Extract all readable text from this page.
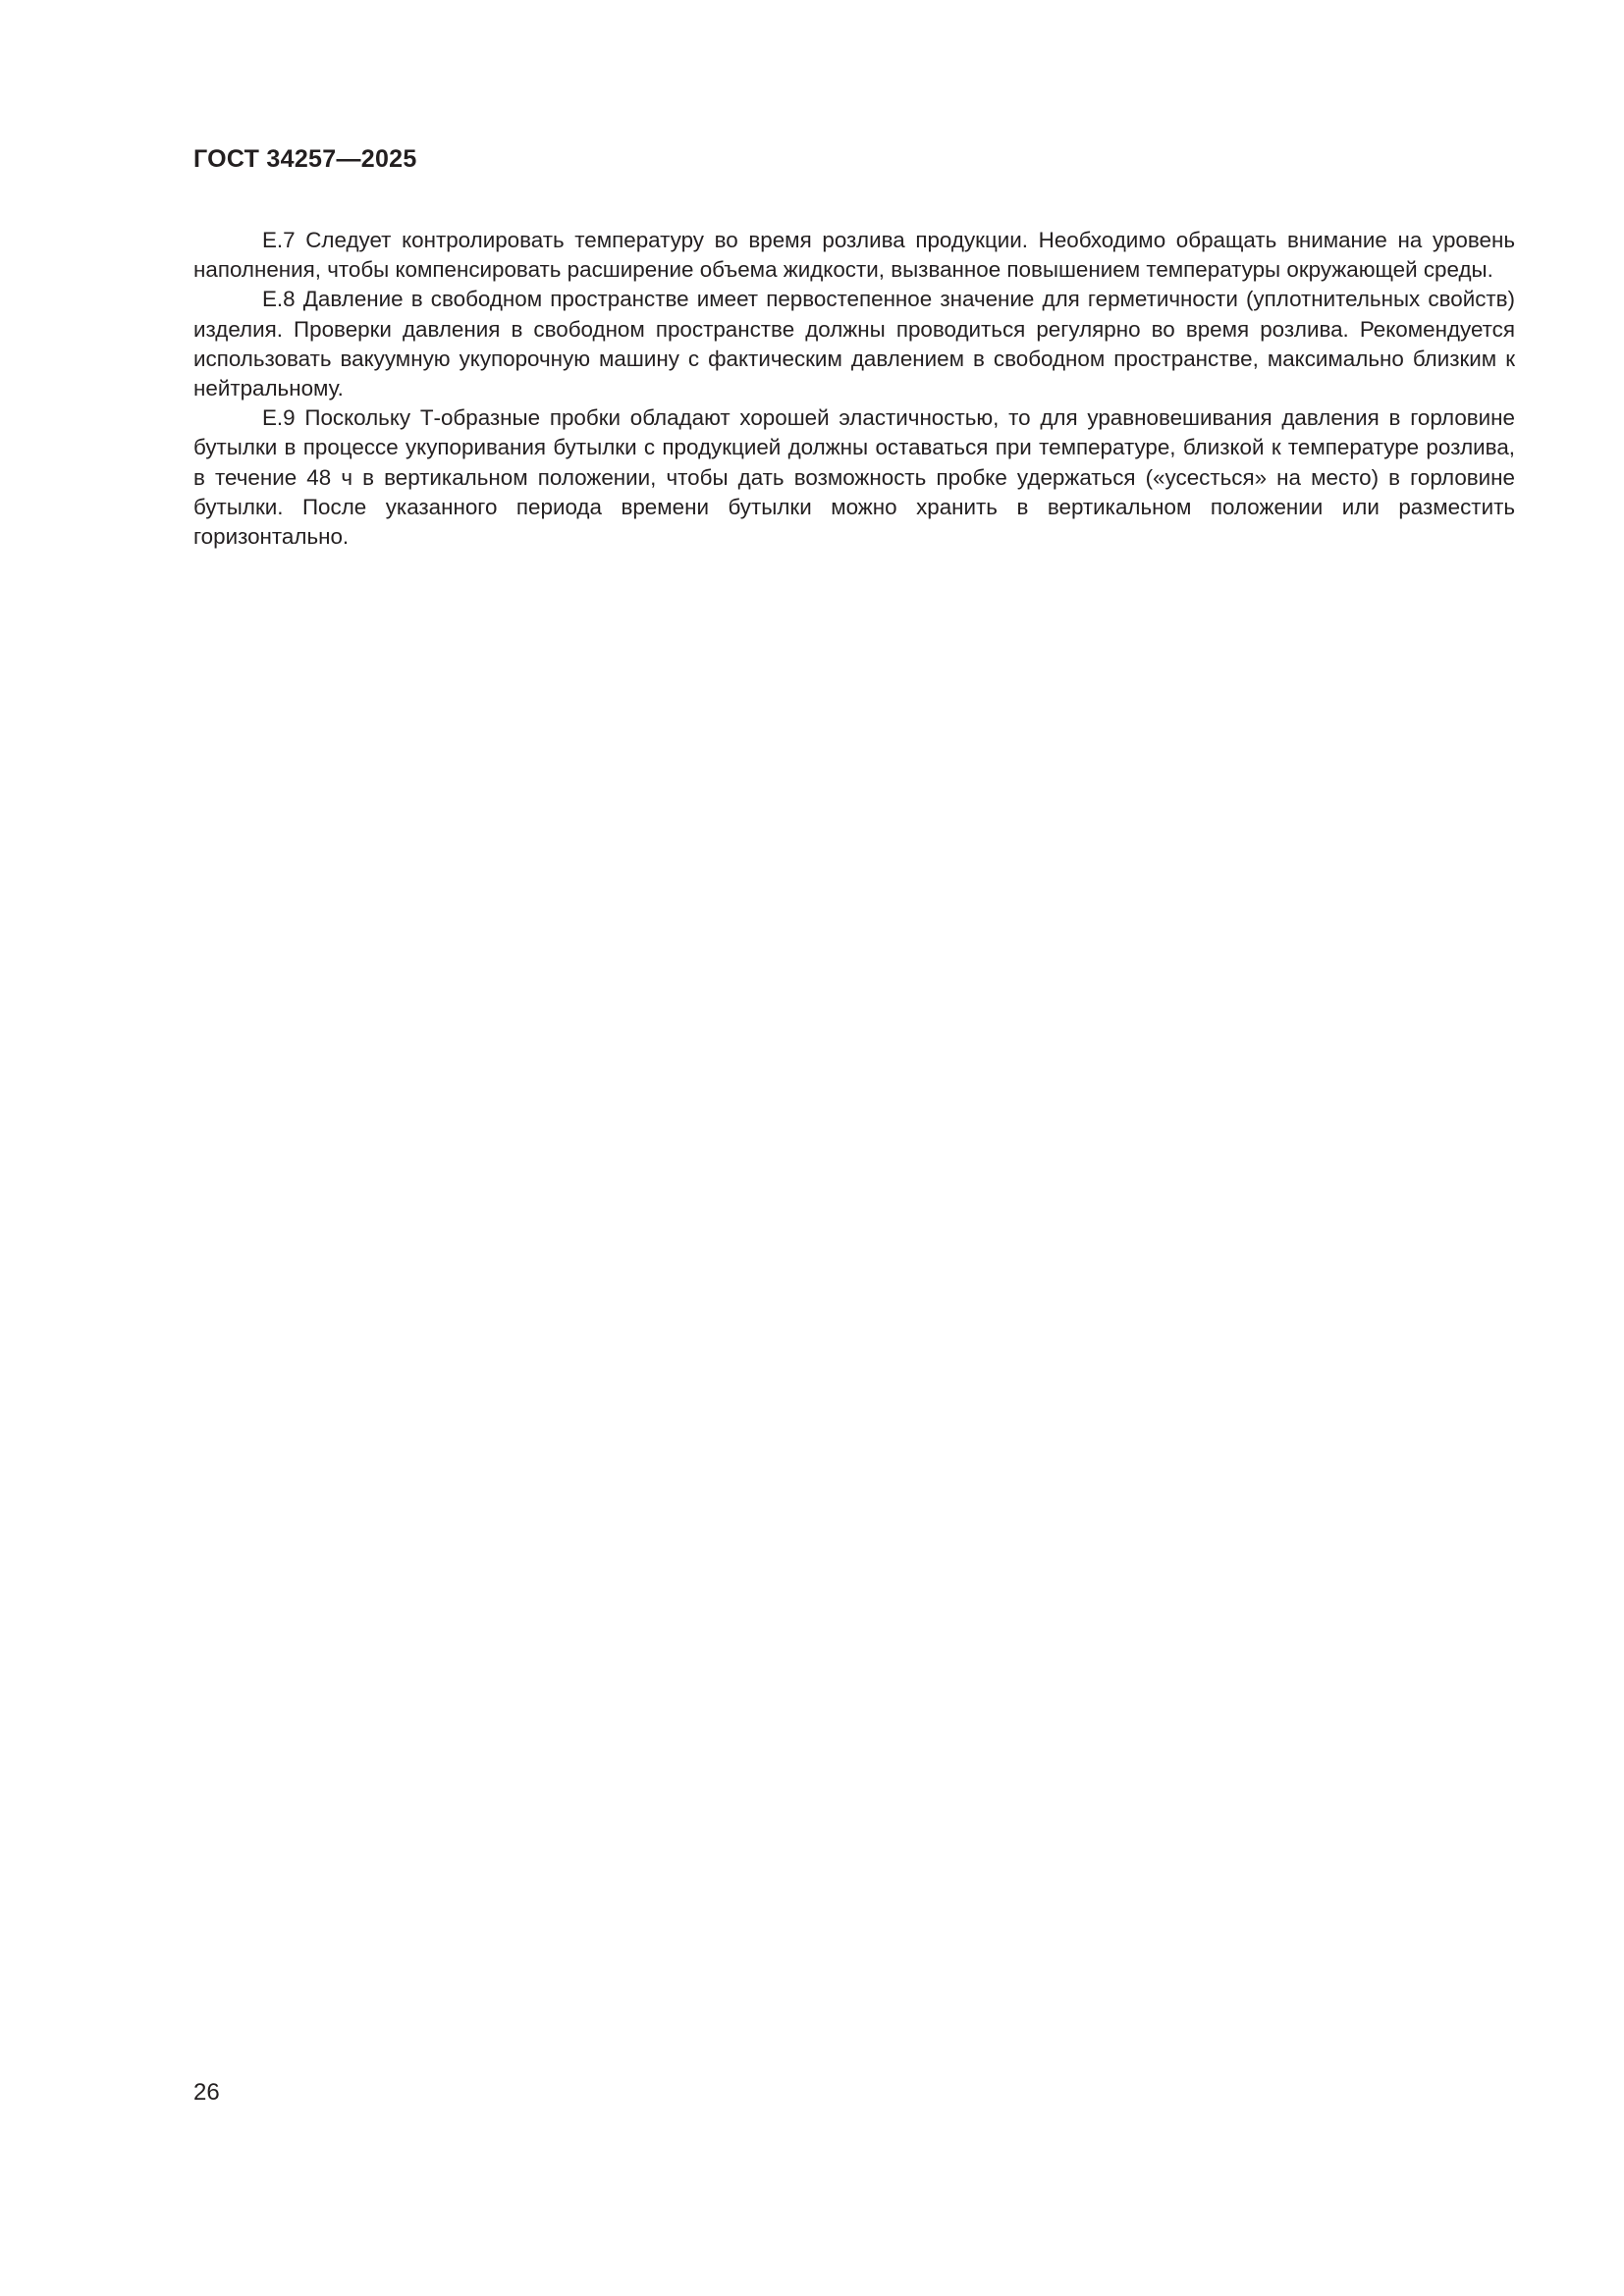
ГОСТ 34257—2025

Е.7 Следует контролировать температуру во время розлива продукции. Необходимо обращать внимание на уровень наполнения, чтобы компенсировать расширение объема жидкости, вызванное повышением температуры окружающей среды.

Е.8 Давление в свободном пространстве имеет первостепенное значение для герметичности (уплотнительных свойств) изделия. Проверки давления в свободном пространстве должны проводиться регулярно во время розлива. Рекомендуется использовать вакуумную укупорочную машину с фактическим давлением в свободном пространстве, максимально близким к нейтральному.

Е.9 Поскольку Т-образные пробки обладают хорошей эластичностью, то для уравновешивания давления в горловине бутылки в процессе укупоривания бутылки с продукцией должны оставаться при температуре, близкой к температуре розлива, в течение 48 ч в вертикальном положении, чтобы дать возможность пробке удержаться («усесться» на место) в горловине бутылки. После указанного периода времени бутылки можно хранить в вертикальном положении или разместить горизонтально.

26
